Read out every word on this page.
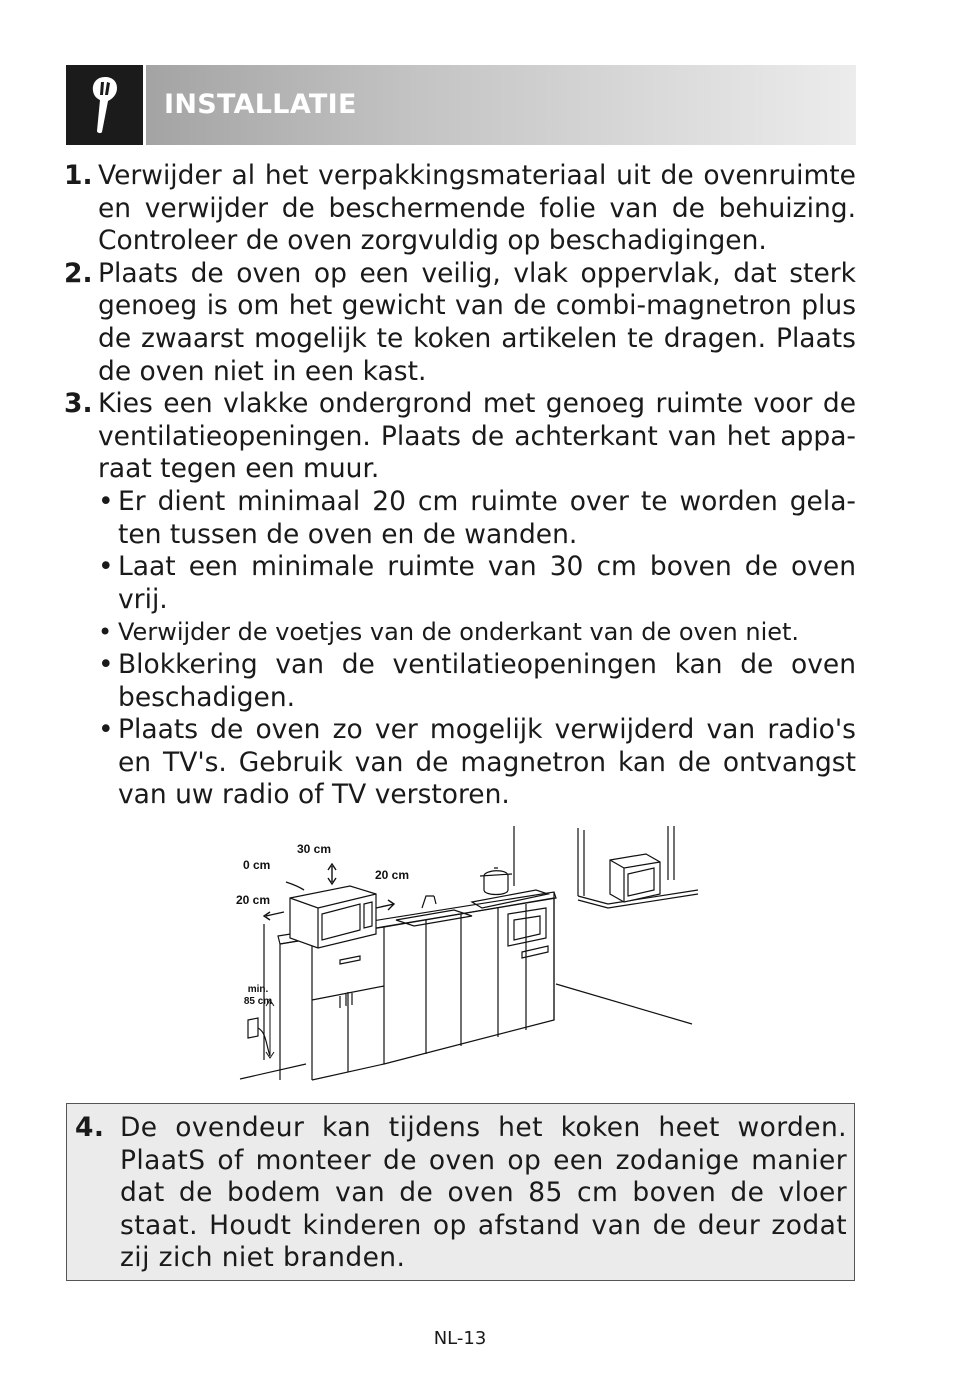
INSTALLATIE
1. Verwijder al het verpakkingsmateriaal uit de ovenruimte en verwijder de beschermende folie van de behuizing. Controleer de oven zorgvuldig op beschadigingen.
2. Plaats de oven op een veilig, vlak oppervlak, dat sterk genoeg is om het gewicht van de combi-magnetron plus de zwaarst mogelijk te koken artikelen te dragen. Plaats de oven niet in een kast.
3. Kies een vlakke ondergrond met genoeg ruimte voor de ventilatieopeningen. Plaats de achterkant van het appa-raat tegen een muur.
• Er dient minimaal 20 cm ruimte over te worden gela-ten tussen de oven en de wanden.
• Laat een minimale ruimte van 30 cm boven de oven vrij.
• Verwijder de voetjes van de onderkant van de oven niet.
• Blokkering van de ventilatieopeningen kan de oven beschadigen.
• Plaats de oven zo ver mogelijk verwijderd van radio's en TV's. Gebruik van de magnetron kan de ontvangst van uw radio of TV verstoren.
30 cm
0 cm
20 cm
20 cm
min.
85 cm
4. De ovendeur kan tijdens het koken heet worden. PlaatS of monteer de oven op een zodanige manier dat de bodem van de oven 85 cm boven de vloer staat. Houdt kinderen op afstand van de deur zodat zij zich niet branden.
NL-13
